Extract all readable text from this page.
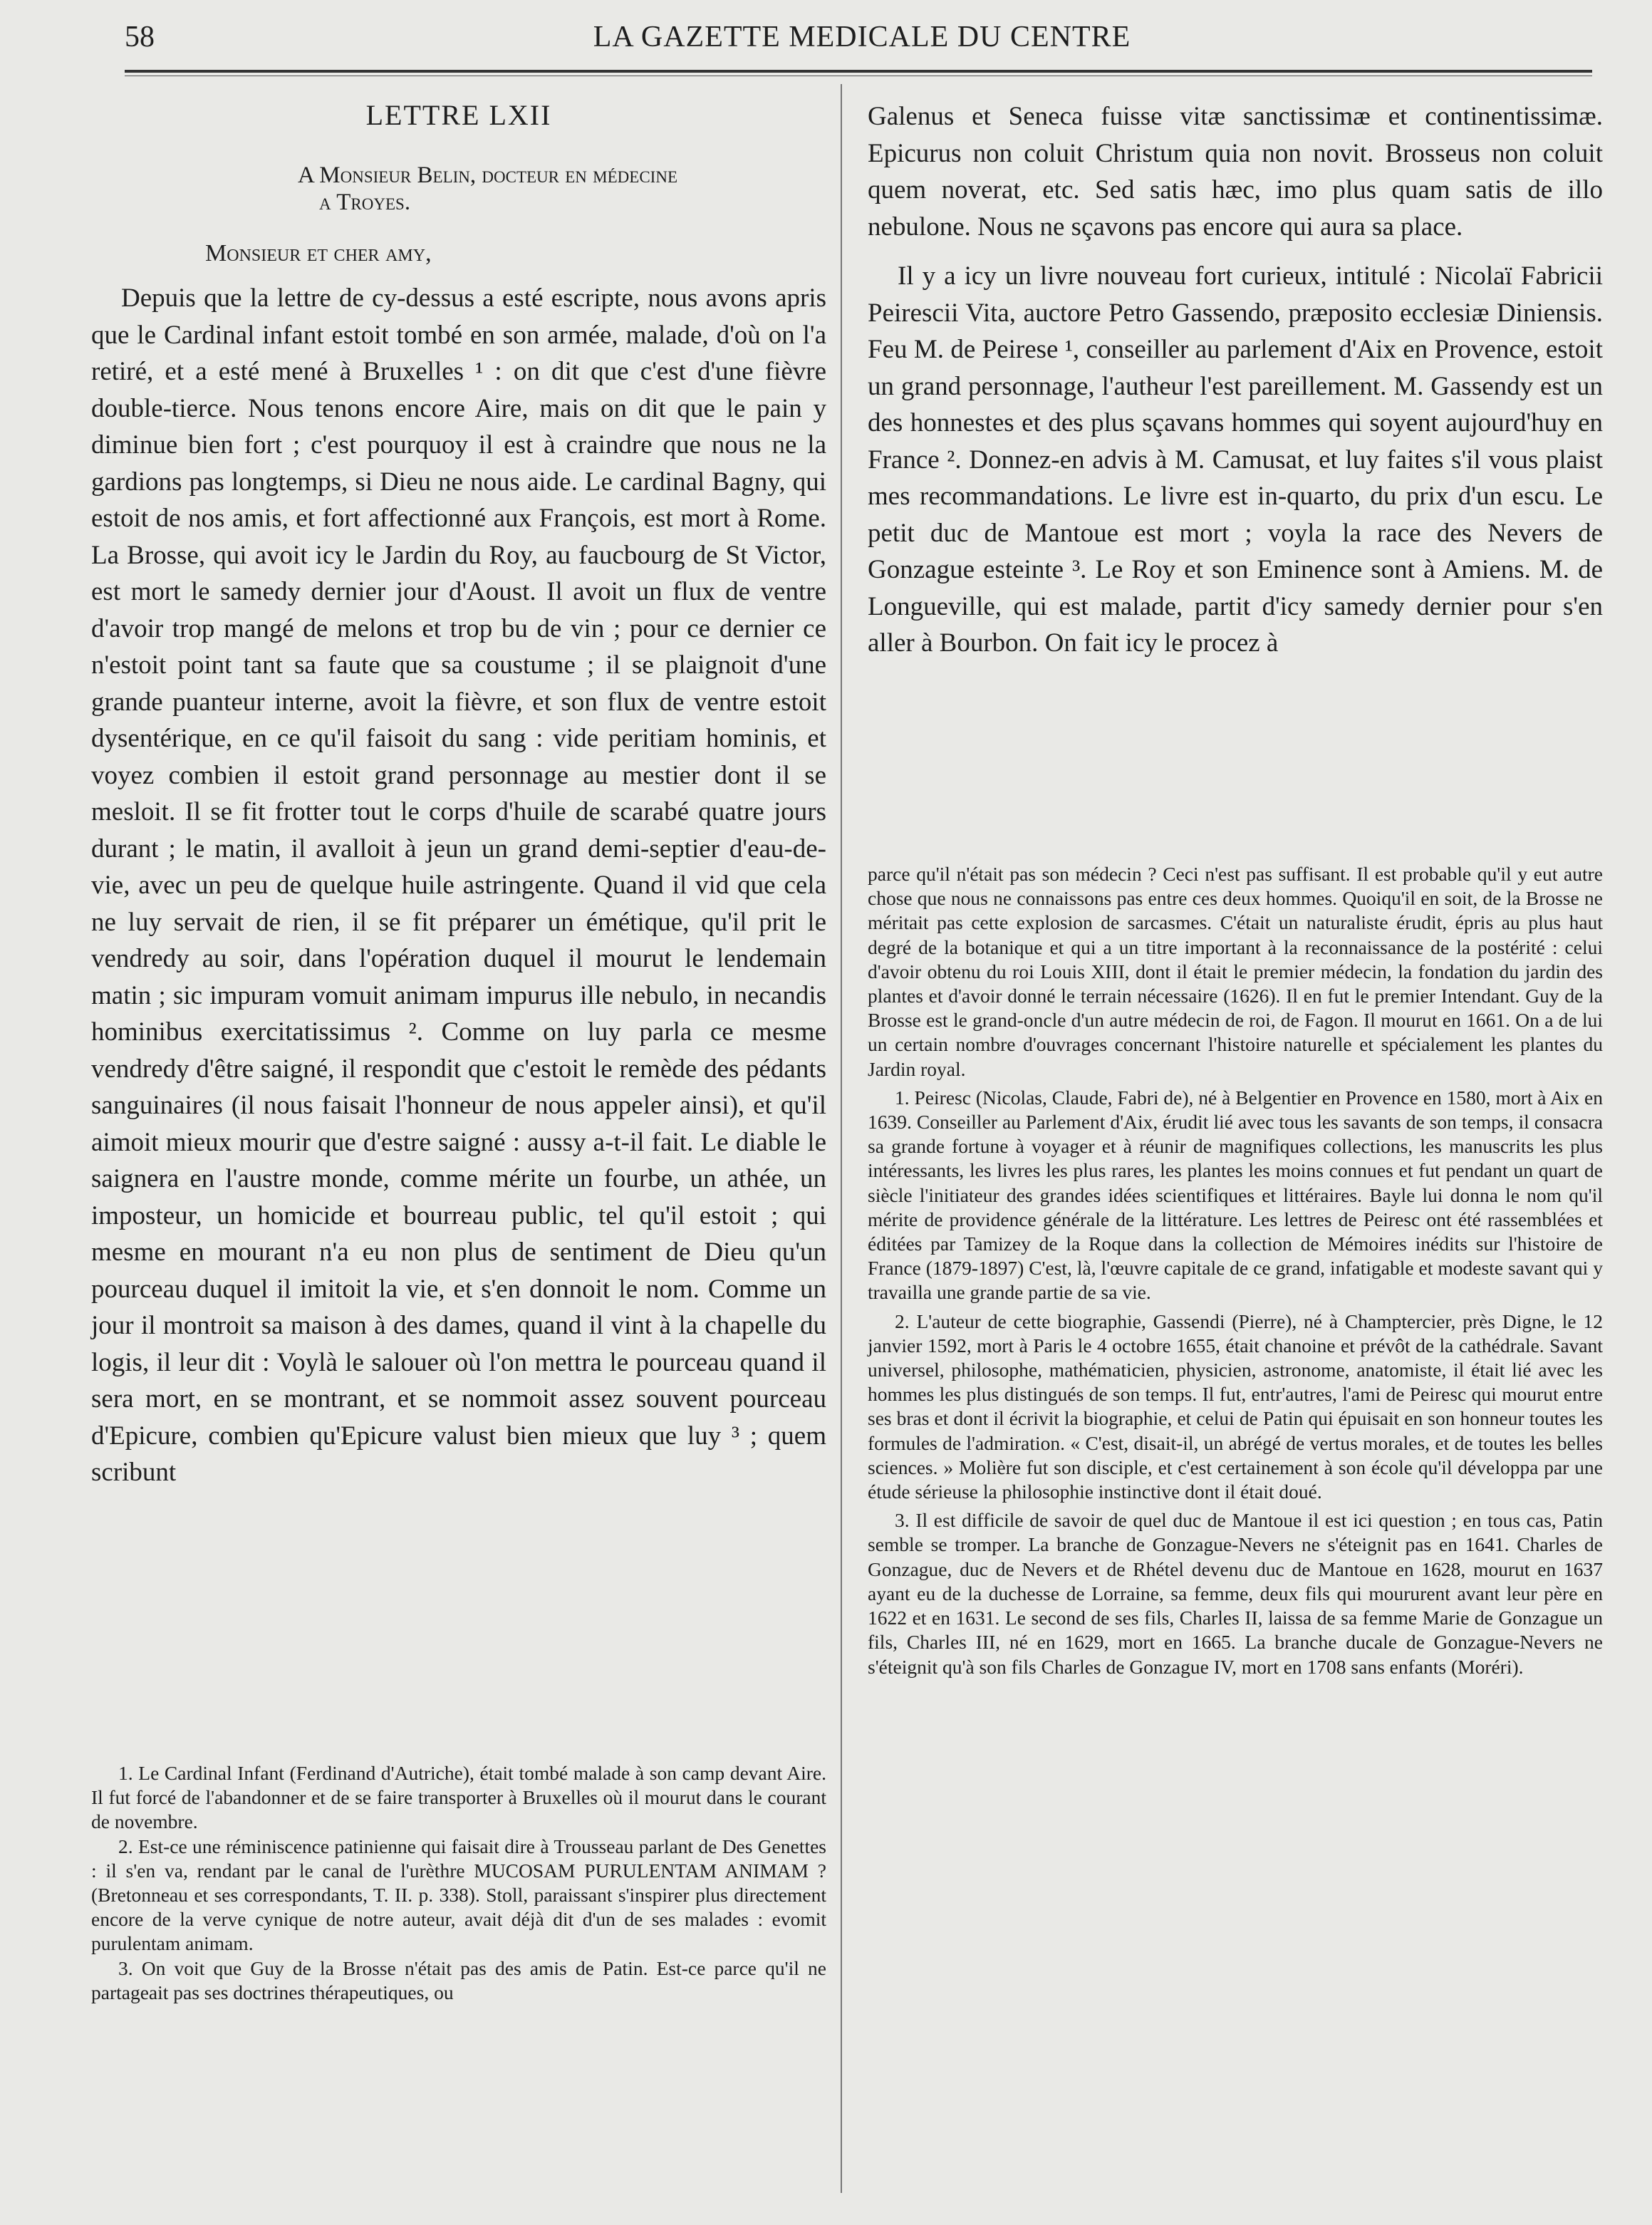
58	LA GAZETTE MEDICALE DU CENTRE
LETTRE LXII
A Monsieur Belin, docteur en médecine
a Troyes.
Monsieur et cher amy,

Depuis que la lettre de cy-dessus a esté escripte, nous avons apris que le Cardinal infant estoit tombé en son armée, malade, d'où on l'a retiré, et a esté mené à Bruxelles ¹ : on dit que c'est d'une fièvre double-tierce. Nous tenons encore Aire, mais on dit que le pain y diminue bien fort ; c'est pourquoy il est à craindre que nous ne la gardions pas longtemps, si Dieu ne nous aide. Le cardinal Bagny, qui estoit de nos amis, et fort affectionné aux François, est mort à Rome. La Brosse, qui avoit icy le Jardin du Roy, au faucbourg de St Victor, est mort le samedy dernier jour d'Aoust. Il avoit un flux de ventre d'avoir trop mangé de melons et trop bu de vin ; pour ce dernier ce n'estoit point tant sa faute que sa coustume ; il se plaignoit d'une grande puanteur interne, avoit la fièvre, et son flux de ventre estoit dysentérique, en ce qu'il faisoit du sang : vide peritiam hominis, et voyez combien il estoit grand personnage au mestier dont il se mesloit. Il se fit frotter tout le corps d'huile de scarabé quatre jours durant ; le matin, il avalloit à jeun un grand demi-septier d'eau-de-vie, avec un peu de quelque huile astringente. Quand il vid que cela ne luy servait de rien, il se fit préparer un émétique, qu'il prit le vendredy au soir, dans l'opération duquel il mourut le lendemain matin ; sic impuram vomuit animam impurus ille nebulo, in necandis hominibus exercitatissimus ². Comme on luy parla ce mesme vendredy d'être saigné, il respondit que c'estoit le remède des pédants sanguinaires (il nous faisait l'honneur de nous appeler ainsi), et qu'il aimoit mieux mourir que d'estre saigné : aussy a-t-il fait. Le diable le saignera en l'austre monde, comme mérite un fourbe, un athée, un imposteur, un homicide et bourreau public, tel qu'il estoit ; qui mesme en mourant n'a eu non plus de sentiment de Dieu qu'un pourceau duquel il imitoit la vie, et s'en donnoit le nom. Comme un jour il montroit sa maison à des dames, quand il vint à la chapelle du logis, il leur dit : Voylà le salouer où l'on mettra le pourceau quand il sera mort, en se montrant, et se nommoit assez souvent pourceau d'Epicure, combien qu'Epicure valust bien mieux que luy ³ ; quem scribunt

1. Le Cardinal Infant (Ferdinand d'Autriche), était tombé malade à son camp devant Aire. Il fut forcé de l'abandonner et de se faire transporter à Bruxelles où il mourut dans le courant de novembre.

2. Est-ce une réminiscence patinienne qui faisait dire à Trousseau parlant de Des Genettes : il s'en va, rendant par le canal de l'urèthre MUCOSAM PURULENTAM ANIMAM ? (Bretonneau et ses correspondants, T. II. p. 338). Stoll, paraissant s'inspirer plus directement encore de la verve cynique de notre auteur, avait déjà dit d'un de ses malades : evomit purulentam animam.

3. On voit que Guy de la Brosse n'était pas des amis de Patin. Est-ce parce qu'il ne partageait pas ses doctrines thérapeutiques, ou

Galenus et Seneca fuisse vitæ sanctissimæ et continentissimæ. Epicurus non coluit Christum quia non novit. Brosseus non coluit quem noverat, etc. Sed satis hæc, imo plus quam satis de illo nebulone. Nous ne sçavons pas encore qui aura sa place.

Il y a icy un livre nouveau fort curieux, intitulé : Nicolaï Fabricii Peirescii Vita, auctore Petro Gassendo, præposito ecclesiæ Diniensis. Feu M. de Peirese ¹, conseiller au parlement d'Aix en Provence, estoit un grand personnage, l'autheur l'est pareillement. M. Gassendy est un des honnestes et des plus sçavans hommes qui soyent aujourd'huy en France ². Donnez-en advis à M. Camusat, et luy faites s'il vous plaist mes recommandations. Le livre est in-quarto, du prix d'un escu. Le petit duc de Mantoue est mort ; voyla la race des Nevers de Gonzague esteinte ³. Le Roy et son Eminence sont à Amiens. M. de Longueville, qui est malade, partit d'icy samedy dernier pour s'en aller à Bourbon. On fait icy le procez à

parce qu'il n'était pas son médecin ? Ceci n'est pas suffisant. Il est probable qu'il y eut autre chose que nous ne connaissons pas entre ces deux hommes. Quoiqu'il en soit, de la Brosse ne méritait pas cette explosion de sarcasmes. C'était un naturaliste érudit, épris au plus haut degré de la botanique et qui a un titre important à la reconnaissance de la postérité : celui d'avoir obtenu du roi Louis XIII, dont il était le premier médecin, la fondation du jardin des plantes et d'avoir donné le terrain nécessaire (1626). Il en fut le premier Intendant. Guy de la Brosse est le grand-oncle d'un autre médecin de roi, de Fagon. Il mourut en 1661. On a de lui un certain nombre d'ouvrages concernant l'histoire naturelle et spécialement les plantes du Jardin royal.

1. Peiresc (Nicolas, Claude, Fabri de), né à Belgentier en Provence en 1580, mort à Aix en 1639. Conseiller au Parlement d'Aix, érudit lié avec tous les savants de son temps, il consacra sa grande fortune à voyager et à réunir de magnifiques collections, les manuscrits les plus intéressants, les livres les plus rares, les plantes les moins connues et fut pendant un quart de siècle l'initiateur des grandes idées scientifiques et littéraires. Bayle lui donna le nom qu'il mérite de providence générale de la littérature. Les lettres de Peiresc ont été rassemblées et éditées par Tamizey de la Roque dans la collection de Mémoires inédits sur l'histoire de France (1879-1897) C'est, là, l'œuvre capitale de ce grand, infatigable et modeste savant qui y travailla une grande partie de sa vie.

2. L'auteur de cette biographie, Gassendi (Pierre), né à Champtercier, près Digne, le 12 janvier 1592, mort à Paris le 4 octobre 1655, était chanoine et prévôt de la cathédrale. Savant universel, philosophe, mathématicien, physicien, astronome, anatomiste, il était lié avec les hommes les plus distingués de son temps. Il fut, entr'autres, l'ami de Peiresc qui mourut entre ses bras et dont il écrivit la biographie, et celui de Patin qui épuisait en son honneur toutes les formules de l'admiration. « C'est, disait-il, un abrégé de vertus morales, et de toutes les belles sciences. » Molière fut son disciple, et c'est certainement à son école qu'il développa par une étude sérieuse la philosophie instinctive dont il était doué.

3. Il est difficile de savoir de quel duc de Mantoue il est ici question ; en tous cas, Patin semble se tromper. La branche de Gonzague-Nevers ne s'éteignit pas en 1641. Charles de Gonzague, duc de Nevers et de Rhétel devenu duc de Mantoue en 1628, mourut en 1637 ayant eu de la duchesse de Lorraine, sa femme, deux fils qui moururent avant leur père en 1622 et en 1631. Le second de ses fils, Charles II, laissa de sa femme Marie de Gonzague un fils, Charles III, né en 1629, mort en 1665. La branche ducale de Gonzague-Nevers ne s'éteignit qu'à son fils Charles de Gonzague IV, mort en 1708 sans enfants (Moréri).
